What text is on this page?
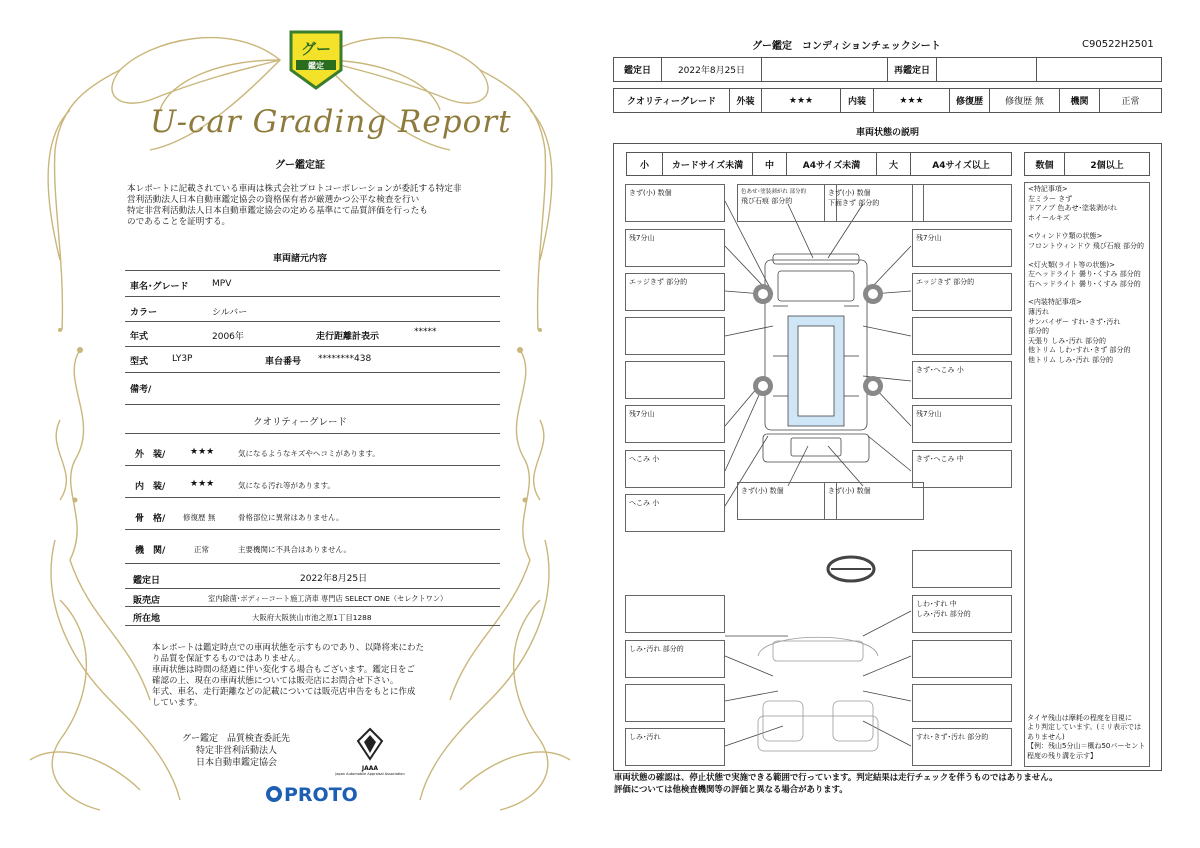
グー
鑑定
U-car Grading Report
グー鑑定証
本レポートに記載されている車両は株式会社プロトコーポレーションが委託する特定非
営利活動法人日本自動車鑑定協会の資格保有者が厳選かつ公平な検査を行い
特定非営利活動法人日本自動車鑑定協会の定める基準にて品質評価を行ったも
のであることを証明する。
車両諸元内容
車名･グレード	MPV
カラー	シルバー
年式	2006年	走行距離計表示	*****
型式	LY3P	車台番号 ********438
備考/
クオリティーグレード
外　装/	★★★	気になるようなキズやヘコミがあります。
内　装/	★★★	気になる汚れ等があります。
骨　格/ 修復歴 無	骨格部位に異常はありません。
機　関/	正常	主要機関に不具合はありません。
鑑定日	2022年8月25日
販売店	室内除菌･ボディーコート施工済車 専門店 SELECT ONE（セレクトワン）
所在地	大阪府大阪狭山市池之原1丁目1288
本レポートは鑑定時点での車両状態を示すものであり、以降将来にわた
り品質を保証するものではありません。
車両状態は時間の経過に伴い変化する場合もございます。鑑定日をご
確認の上、現在の車両状態については販売店にお問合せ下さい。
年式、車名、走行距離などの記載については販売店申告をもとに作成
しています。
グー鑑定　品質検査委託先
特定非営利活動法人
日本自動車鑑定協会
JAAA
Japan Automobile Appraisal Association
PROTO
グー鑑定　コンディションチェックシート	C90522H2501
鑑定日	2022年8月25日	再鑑定日
クオリティーグレード	外装	★★★	内装	★★★	修復歴	修復歴 無	機関	正常
車両状態の説明
小	カードサイズ未満	中	A4サイズ未満	大	A4サイズ以上	数個	2個以上
きず(小) 数個
残7分山
エッジきず 部分的
残7分山
へこみ 小
へこみ 小
色あせ･塗装剥がれ 部分的
飛び石痕 部分的
きず(小) 数個
下面きず 部分的
残7分山
エッジきず 部分的
きず･へこみ 小
残7分山
きず･へこみ 中
きず(小) 数個	きず(小) 数個
しわ･すれ 中
しみ･汚れ 部分的
しみ･汚れ 部分的
しみ･汚れ	すれ･きず･汚れ 部分的
<特記事項>
左ミラー きず
ドアノブ 色あせ･塗装剥がれ
ホイールキズ
<ウィンドウ類の状態>
フロントウィンドウ 飛び石痕 部分的
<灯火類(ライト等の状態)>
左ヘッドライト 曇り･くすみ 部分的
右ヘッドライト 曇り･くすみ 部分的
<内装特記事項>
薄汚れ
サンバイザー すれ･きず･汚れ
部分的
天張り しみ･汚れ 部分的
他トリム しわ･すれ･きず 部分的
他トリム しみ･汚れ 部分的
タイヤ残山は摩耗の程度を目視に
より判定しています。(ミリ表示では
ありません)
【例：残山5分山＝概ね50パーセント
程度の残り溝を示す】
車両状態の確認は、停止状態で実施できる範囲で行っています。判定結果は走行チェックを伴うものではありません。
評価については他検査機関等の評価と異なる場合があります。
